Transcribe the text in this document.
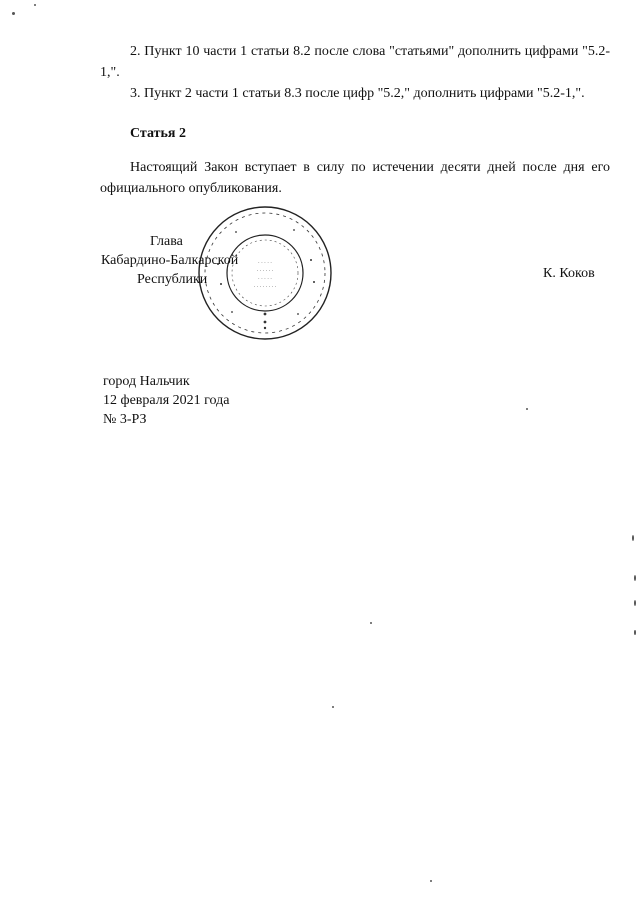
2. Пункт 10 части 1 статьи 8.2 после слова "статьями" дополнить цифрами "5.2-1,".

3. Пункт 2 части 1 статьи 8.3 после цифр "5.2," дополнить цифрами "5.2-1,".

Статья 2

Настоящий Закон вступает в силу по истечении десяти дней после дня его официального опубликования.

· · · · ·
· · · · · ·
· · · · ·
· · · · · · · ·

Глава

Кабардино-Балкарской

Республики	К. Коков

город Нальчик
12 февраля 2021 года
№ 3-РЗ
